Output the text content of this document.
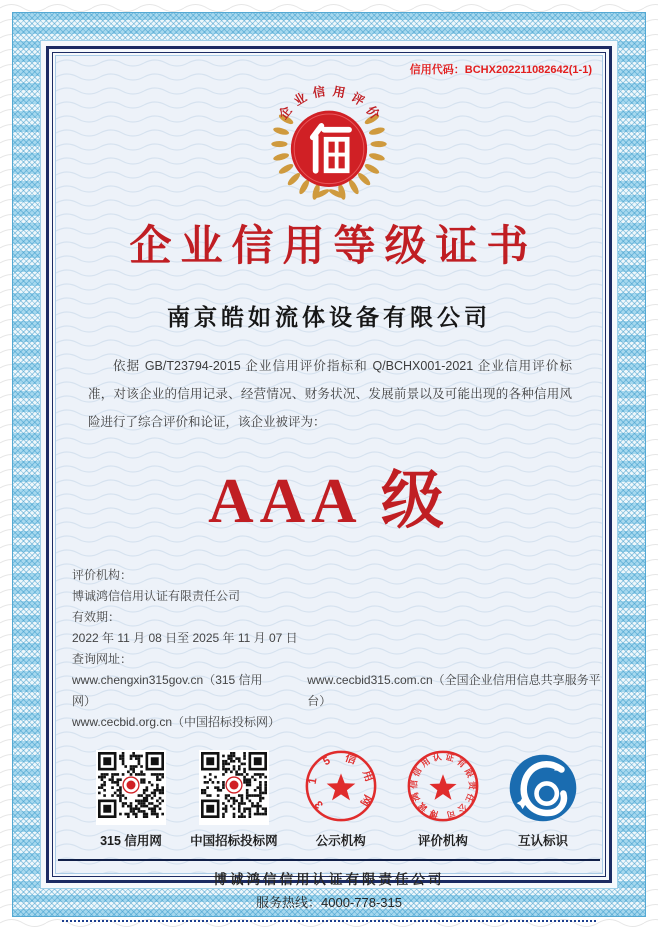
信用代码：BCHX202211082642(1-1)
企
业 信 用 评
价
企业信用等级证书
南京皓如流体设备有限公司
依据 GB/T23794-2015 企业信用评价指标和 Q/BCHX001-2021 企业信用评价标准，对该企业的信用记录、经营情况、财务状况、发展前景以及可能出现的各种信用风险进行了综合评价和论证，该企业被评为：
AAA 级
评价机构：
博诚鸿信信用认证有限责任公司
有效期：
2022 年 11 月 08 日至 2025 年 11 月 07 日
查询网址：
www.chengxin315gov.cn（315 信用网）
www.cecbid315.com.cn（全国企业信用信息共享服务平台）
www.cecbid.org.cn（中国招标投标网）
315 信用网 中国招标投标网
3
1
5 信
用
网
公示机构
博
诚
鸿
信
信
用 认 证 有
限
责
任
公
司
评价机构	互认标识
博诚鸿信信用认证有限责任公司
服务热线：4000-778-315
